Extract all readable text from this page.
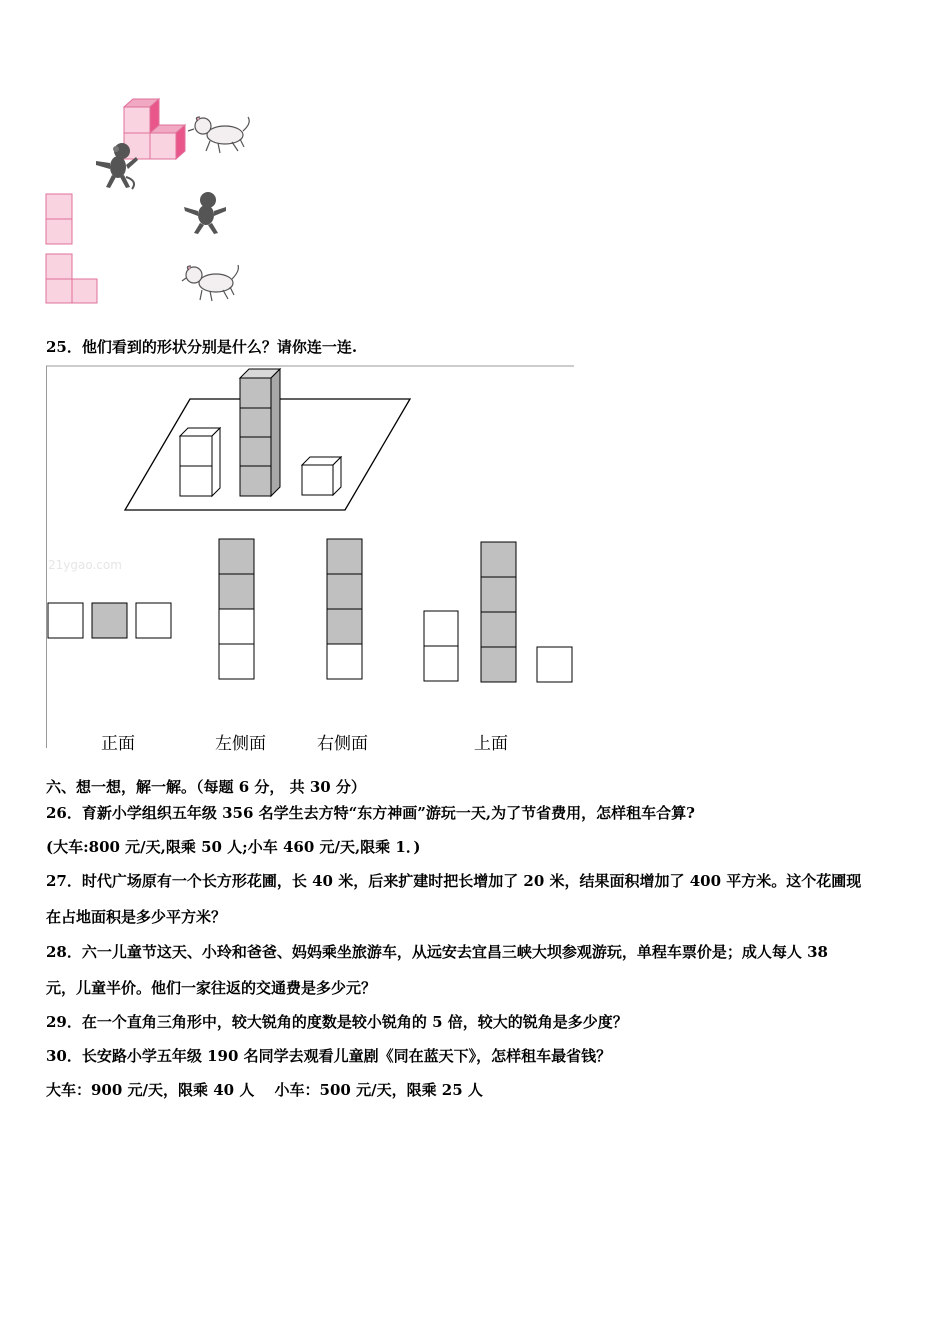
25．他们看到的形状分别是什么？请你连一连.
21ygao.com
正面	左侧面	右侧面	上面
六、想一想，解一解。（每题 6 分， 共 30 分）
26．育新小学组织五年级 356 名学生去方特“东方神画”游玩一天,为了节省费用，怎样租车合算?
(大车:800 元/天,限乘 50 人;小车 460 元/天,限乘 1．)
27．时代广场原有一个长方形花圃，长 40 米，后来扩建时把长增加了 20 米，结果面积增加了 400 平方米。这个花圃现
在占地面积是多少平方米？
28．六一儿童节这天、小玲和爸爸、妈妈乘坐旅游车，从远安去宜昌三峡大坝参观游玩，单程车票价是；成人每人 38
元，儿童半价。他们一家往返的交通费是多少元？
29．在一个直角三角形中，较大锐角的度数是较小锐角的 5 倍，较大的锐角是多少度？
30．长安路小学五年级 190 名同学去观看儿童剧《同在蓝天下》，怎样租车最省钱？
大车：900 元/天，限乘 40 人　 小车：500 元/天，限乘 25 人
